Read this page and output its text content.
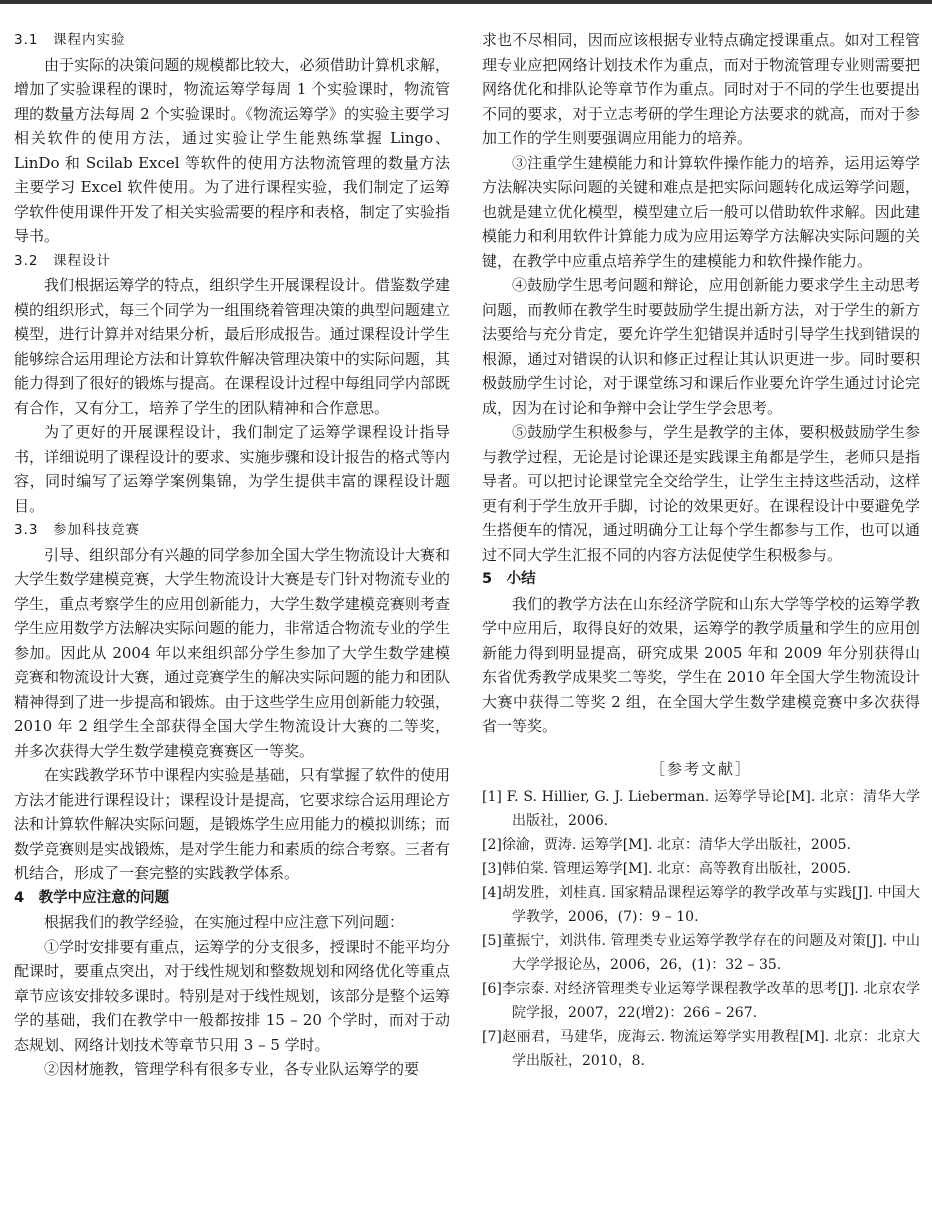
3.1　课程内实验

由于实际的决策问题的规模都比较大，必须借助计算机求解，增加了实验课程的课时，物流运筹学每周 1 个实验课时，物流管理的数量方法每周 2 个实验课时。《物流运筹学》的实验主要学习相关软件的使用方法，通过实验让学生能熟练掌握 Lingo、LinDo 和 Scilab Excel 等软件的使用方法物流管理的数量方法主要学习 Excel 软件使用。为了进行课程实验，我们制定了运筹学软件使用课件开发了相关实验需要的程序和表格，制定了实验指导书。

3.2　课程设计

我们根据运筹学的特点，组织学生开展课程设计。借鉴数学建模的组织形式，每三个同学为一组围绕着管理决策的典型问题建立模型，进行计算并对结果分析，最后形成报告。通过课程设计学生能够综合运用理论方法和计算软件解决管理决策中的实际问题，其能力得到了很好的锻炼与提高。在课程设计过程中每组同学内部既有合作，又有分工，培养了学生的团队精神和合作意思。

为了更好的开展课程设计，我们制定了运筹学课程设计指导书，详细说明了课程设计的要求、实施步骤和设计报告的格式等内容，同时编写了运筹学案例集锦，为学生提供丰富的课程设计题目。

3.3　参加科技竞赛

引导、组织部分有兴趣的同学参加全国大学生物流设计大赛和大学生数学建模竞赛，大学生物流设计大赛是专门针对物流专业的学生，重点考察学生的应用创新能力，大学生数学建模竞赛则考查学生应用数学方法解决实际问题的能力，非常适合物流专业的学生参加。因此从 2004 年以来组织部分学生参加了大学生数学建模竞赛和物流设计大赛，通过竞赛学生的解决实际问题的能力和团队精神得到了进一步提高和锻炼。由于这些学生应用创新能力较强，2010 年 2 组学生全部获得全国大学生物流设计大赛的二等奖，并多次获得大学生数学建模竞赛赛区一等奖。

在实践教学环节中课程内实验是基础，只有掌握了软件的使用方法才能进行课程设计；课程设计是提高，它要求综合运用理论方法和计算软件解决实际问题，是锻炼学生应用能力的模拟训练；而数学竞赛则是实战锻炼，是对学生能力和素质的综合考察。三者有机结合，形成了一套完整的实践教学体系。

4　教学中应注意的问题

根据我们的教学经验，在实施过程中应注意下列问题：

①学时安排要有重点，运筹学的分支很多，授课时不能平均分配课时，要重点突出，对于线性规划和整数规划和网络优化等重点章节应该安排较多课时。特别是对于线性规划，该部分是整个运筹学的基础，我们在教学中一般都按排 15 – 20 个学时，而对于动态规划、网络计划技术等章节只用 3 – 5 学时。

②因材施教，管理学科有很多专业，各专业队运筹学的要

求也不尽相同，因而应该根据专业特点确定授课重点。如对工程管理专业应把网络计划技术作为重点，而对于物流管理专业则需要把网络优化和排队论等章节作为重点。同时对于不同的学生也要提出不同的要求，对于立志考研的学生理论方法要求的就高，而对于参加工作的学生则要强调应用能力的培养。

③注重学生建模能力和计算软件操作能力的培养，运用运筹学方法解决实际问题的关键和难点是把实际问题转化成运筹学问题，也就是建立优化模型，模型建立后一般可以借助软件求解。因此建模能力和利用软件计算能力成为应用运筹学方法解决实际问题的关键，在教学中应重点培养学生的建模能力和软件操作能力。

④鼓励学生思考问题和辩论，应用创新能力要求学生主动思考问题，而教师在教学生时要鼓励学生提出新方法，对于学生的新方法要给与充分肯定，要允许学生犯错误并适时引导学生找到错误的根源，通过对错误的认识和修正过程让其认识更进一步。同时要积极鼓励学生讨论，对于课堂练习和课后作业要允许学生通过讨论完成，因为在讨论和争辩中会让学生学会思考。

⑤鼓励学生积极参与，学生是教学的主体，要积极鼓励学生参与教学过程，无论是讨论课还是实践课主角都是学生，老师只是指导者。可以把讨论课堂完全交给学生，让学生主持这些活动，这样更有利于学生放开手脚，讨论的效果更好。在课程设计中要避免学生搭便车的情况，通过明确分工让每个学生都参与工作，也可以通过不同大学生汇报不同的内容方法促使学生积极参与。

5　小结

我们的教学方法在山东经济学院和山东大学等学校的运筹学教学中应用后，取得良好的效果，运筹学的教学质量和学生的应用创新能力得到明显提高，研究成果 2005 年和 2009 年分别获得山东省优秀教学成果奖二等奖，学生在 2010 年全国大学生物流设计大赛中获得二等奖 2 组，在全国大学生数学建模竞赛中多次获得省一等奖。

［参考文献］
[1] F. S. Hillier, G. J. Lieberman. 运筹学导论[M]. 北京：清华大学出版社，2006.
[2]徐渝，贾涛. 运筹学[M]. 北京：清华大学出版社，2005.
[3]韩伯棠. 管理运筹学[M]. 北京：高等教育出版社，2005.
[4]胡发胜，刘桂真. 国家精品课程运筹学的教学改革与实践[J]. 中国大学教学，2006，(7)：9 – 10.
[5]董振宁，刘洪伟. 管理类专业运筹学教学存在的问题及对策[J]. 中山大学学报论丛，2006，26，(1)：32 – 35.
[6]李宗泰. 对经济管理类专业运筹学课程教学改革的思考[J]. 北京农学院学报，2007，22(增2)：266 – 267.
[7]赵丽君，马建华，庞海云. 物流运筹学实用教程[M]. 北京：北京大学出版社，2010，8.
